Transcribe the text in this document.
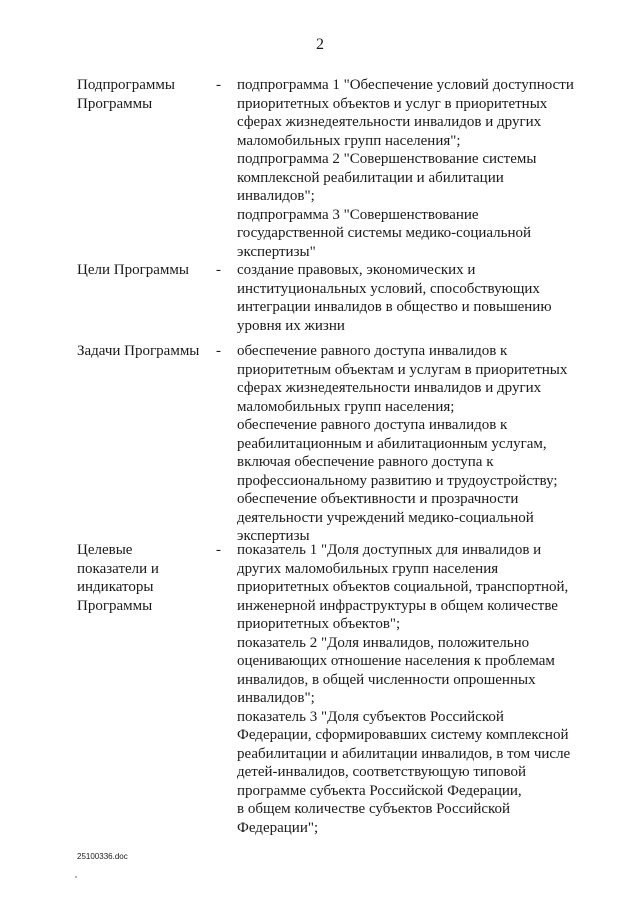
2
Подпрограммы
Программы
- подпрограмма 1 "Обеспечение условий доступности
приоритетных объектов и услуг в приоритетных
сферах жизнедеятельности инвалидов и других
маломобильных групп населения";
подпрограмма 2 "Совершенствование системы
комплексной реабилитации и абилитации
инвалидов";
подпрограмма 3 "Совершенствование
государственной системы медико-социальной
экспертизы"
Цели Программы	- создание правовых, экономических и
институциональных условий, способствующих
интеграции инвалидов в общество и повышению
уровня их жизни
Задачи Программы	- обеспечение равного доступа инвалидов к
приоритетным объектам и услугам в приоритетных
сферах жизнедеятельности инвалидов и других
маломобильных групп населения;
обеспечение равного доступа инвалидов к
реабилитационным и абилитационным услугам,
включая обеспечение равного доступа к
профессиональному развитию и трудоустройству;
обеспечение объективности и прозрачности
деятельности учреждений медико-социальной
экспертизы
Целевые
показатели и
индикаторы
Программы
- показатель 1 "Доля доступных для инвалидов и
других маломобильных групп населения
приоритетных объектов социальной, транспортной,
инженерной инфраструктуры в общем количестве
приоритетных объектов";
показатель 2 "Доля инвалидов, положительно
оценивающих отношение населения к проблемам
инвалидов, в общей численности опрошенных
инвалидов";
показатель 3 "Доля субъектов Российской
Федерации, сформировавших систему комплексной
реабилитации и абилитации инвалидов, в том числе
детей-инвалидов, соответствующую типовой
программе субъекта Российской Федерации,
в общем количестве субъектов Российской
Федерации";
25100336.doc
